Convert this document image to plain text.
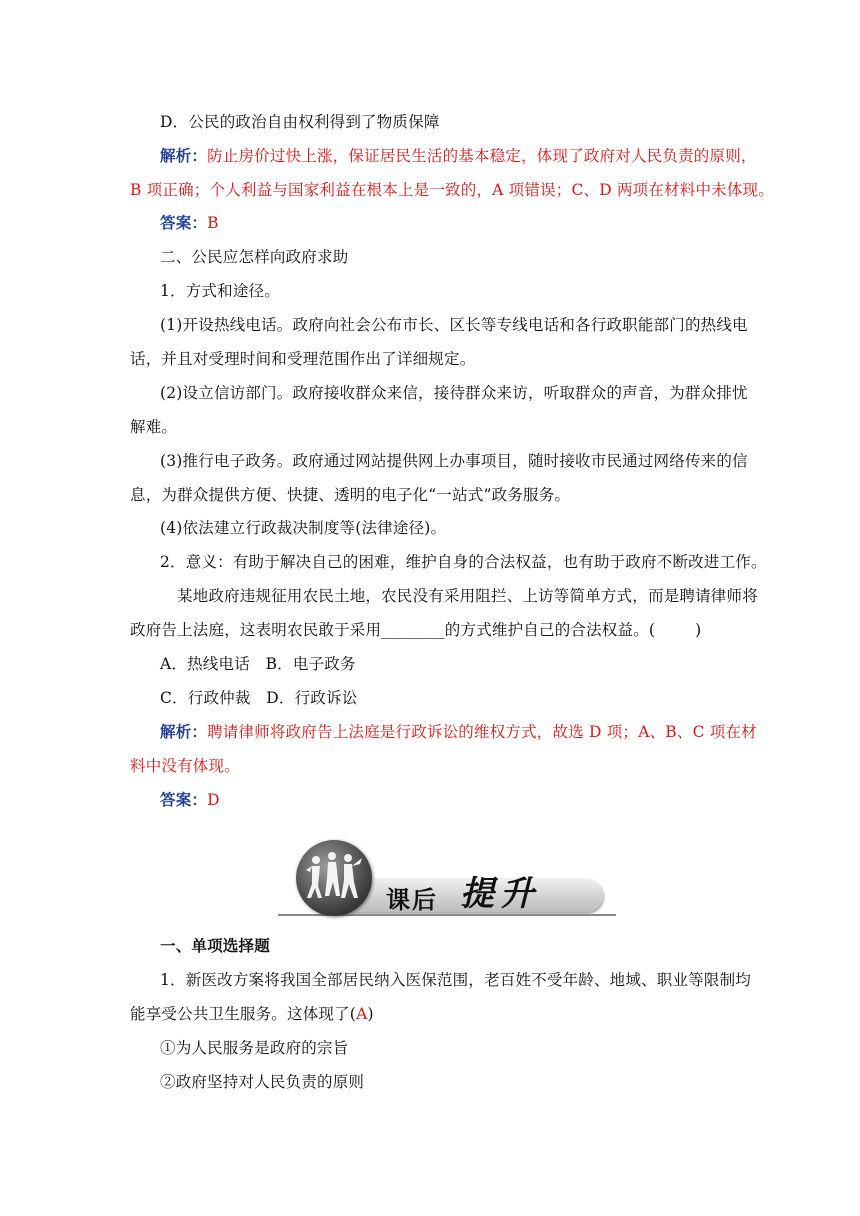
D．公民的政治自由权利得到了物质保障
解析：防止房价过快上涨，保证居民生活的基本稳定，体现了政府对人民负责的原则，
B 项正确；个人利益与国家利益在根本上是一致的，A 项错误；C、D 两项在材料中未体现。
答案：B
二、公民应怎样向政府求助
1．方式和途径。
(1)开设热线电话。政府向社会公布市长、区长等专线电话和各行政职能部门的热线电
话，并且对受理时间和受理范围作出了详细规定。
(2)设立信访部门。政府接收群众来信，接待群众来访，听取群众的声音，为群众排忧
解难。
(3)推行电子政务。政府通过网站提供网上办事项目，随时接收市民通过网络传来的信
息，为群众提供方便、快捷、透明的电子化“一站式”政务服务。
(4)依法建立行政裁决制度等(法律途径)。
2．意义：有助于解决自己的困难，维护自身的合法权益，也有助于政府不断改进工作。
某地政府违规征用农民土地，农民没有采用阻拦、上访等简单方式，而是聘请律师将
政府告上法庭，这表明农民敢于采用________的方式维护自己的合法权益。(	)
A．热线电话　B．电子政务
C．行政仲裁　D．行政诉讼
解析：聘请律师将政府告上法庭是行政诉讼的维权方式，故选 D 项；A、B、C 项在材
料中没有体现。
答案：D
课后 提升
一、单项选择题
1．新医改方案将我国全部居民纳入医保范围，老百姓不受年龄、地域、职业等限制均
能享受公共卫生服务。这体现了(A)
①为人民服务是政府的宗旨
②政府坚持对人民负责的原则
